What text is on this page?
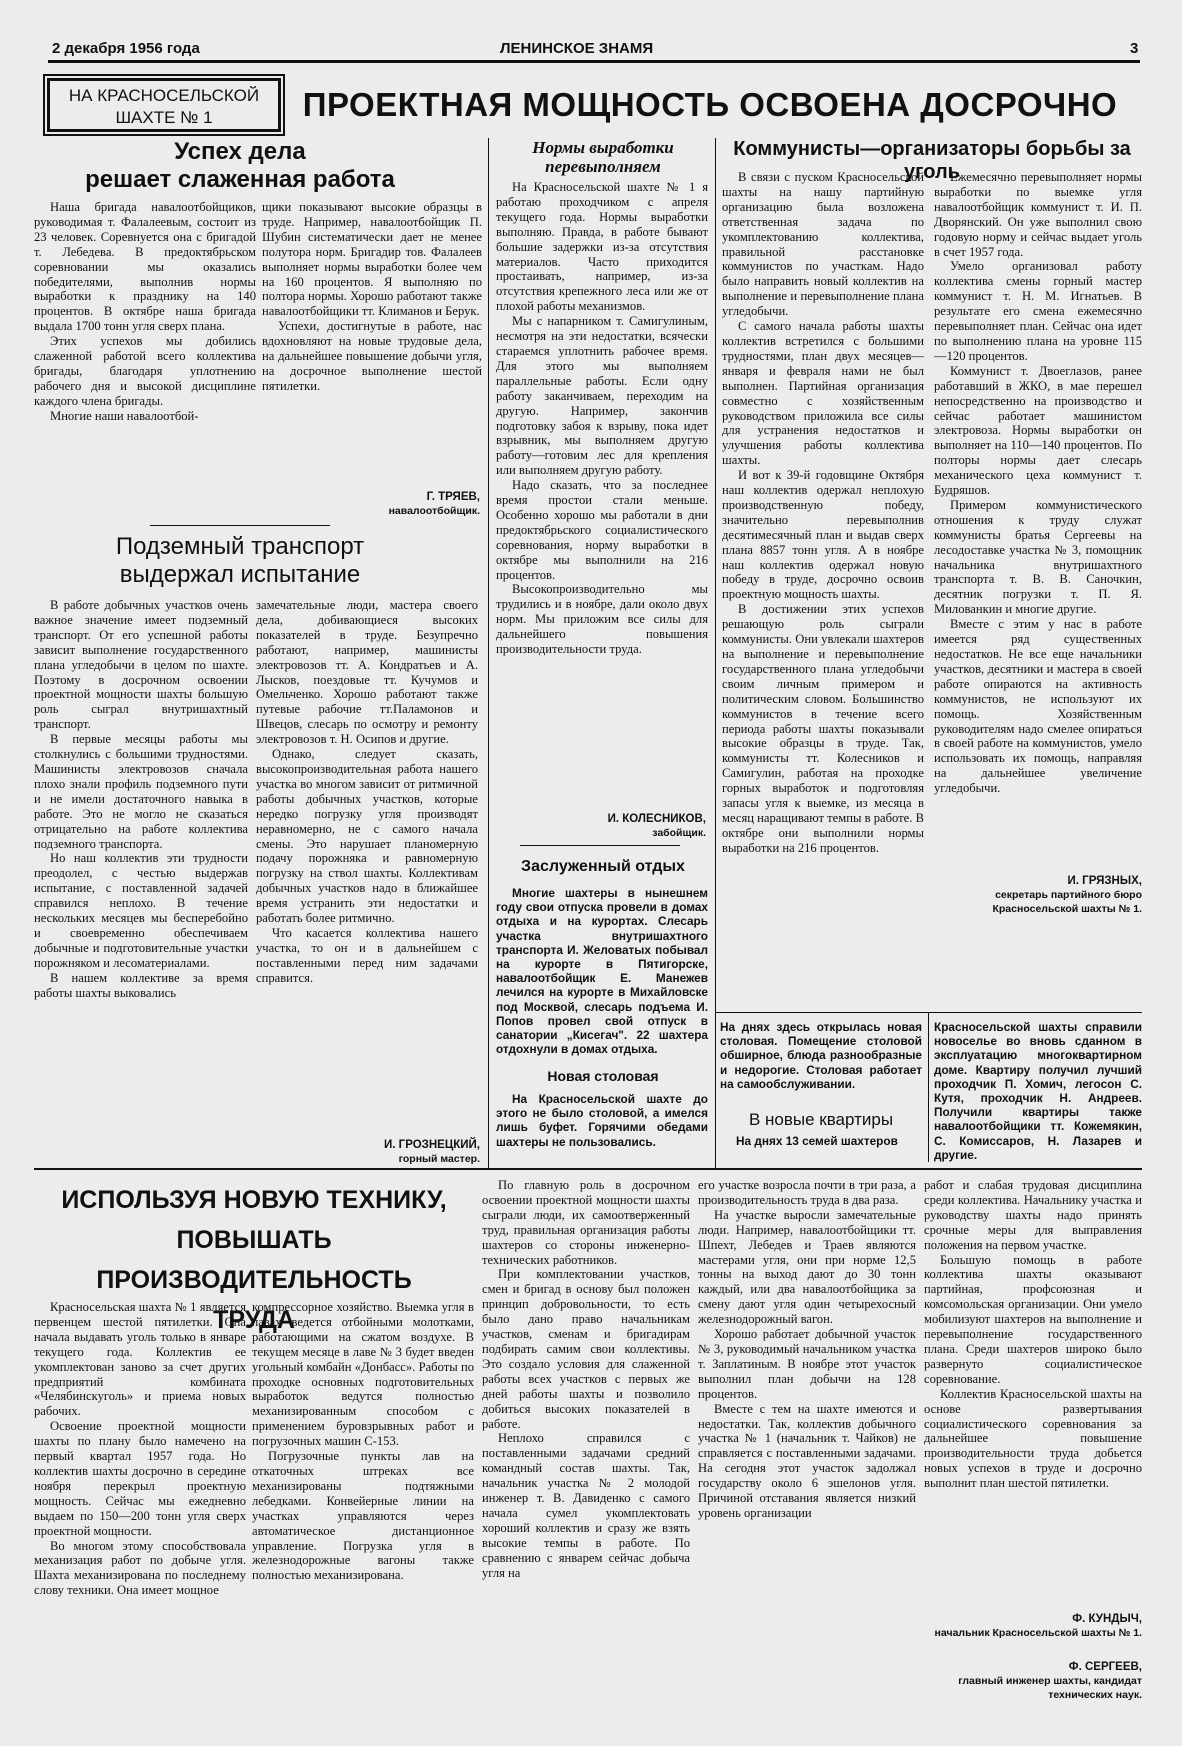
2 декабря 1956 года	ЛЕНИНСКОЕ ЗНАМЯ	3
НА КРАСНОСЕЛЬСКОЙ
ШАХТЕ № 1	ПРОЕКТНАЯ МОЩНОСТЬ ОСВОЕНА ДОСРОЧНО
Успех дела
решает слаженная работа

Наша бригада навалоотбойщиков, руководимая т. Фалалеевым, состоит из 23 человек. Соревнуется она с бригадой т. Лебедева. В предоктябрьском соревновании мы оказались победителями, выполнив нормы выработки к празднику на 140 процентов. В октябре наша бригада выдала 1700 тонн угля сверх плана.

Этих успехов мы добились слаженной работой всего коллектива бригады, благодаря уплотнению рабочего дня и высокой дисциплине каждого члена бригады.

Многие наши навалоотбой-

щики показывают высокие образцы в труде. Например, навалоотбойщик П. Шубин систематически дает не менее полутора норм. Бригадир тов. Фалалеев выполняет нормы выработки более чем на 160 процентов. Я выполняю по полтора нормы. Хорошо работают также навалоотбойщики тт. Климанов и Берук.

Успехи, достигнутые в работе, нас вдохновляют на новые трудовые дела, на дальнейшее повышение добычи угля, на досрочное выполнение шестой пятилетки.

Г. ТРЯЕВ,
навалоотбойщик.
Подземный транспорт
выдержал испытание

В работе добычных участков очень важное значение имеет подземный транспорт. От его успешной работы зависит выполнение государственного плана угледобычи в целом по шахте. Поэтому в досрочном освоении проектной мощности шахты большую роль сыграл внутришахтный транспорт.

В первые месяцы работы мы столкнулись с большими трудностями. Машинисты электровозов сначала плохо знали профиль подземного пути и не имели достаточного навыка в работе. Это не могло не сказаться отрицательно на работе коллектива подземного транспорта.

Но наш коллектив эти трудности преодолел, с честью выдержав испытание, с поставленной задачей справился неплохо. В течение нескольких месяцев мы бесперебойно и своевременно обеспечиваем добычные и подготовительные участки порожняком и лесоматериалами.

В нашем коллективе за время работы шахты выковались

замечательные люди, мастера своего дела, добивающиеся высоких показателей в труде. Безупречно работают, например, машинисты электровозов тт. А. Кондратьев и А. Лысков, поездовые тт. Кучумов и Омельченко. Хорошо работают также путевые рабочие тт.Паламонов и Швецов, слесарь по осмотру и ремонту электровозов т. Н. Осипов и другие.

Однако, следует сказать, высокопроизводительная работа нашего участка во многом зависит от ритмичной работы добычных участков, которые нередко погрузку угля производят неравномерно, не с самого начала смены. Это нарушает планомерную подачу порожняка и равномерную погрузку на ствол шахты. Коллективам добычных участков надо в ближайшее время устранить эти недостатки и работать более ритмично.

Что касается коллектива нашего участка, то он и в дальнейшем с поставленными перед ним задачами справится.

И. ГРОЗНЕЦКИЙ,
горный мастер.
Нормы выработки
перевыполняем

На Красносельской шахте № 1 я работаю проходчиком с апреля текущего года. Нормы выработки выполняю. Правда, в работе бывают большие задержки из-за отсутствия материалов. Часто приходится простаивать, например, из-за отсутствия крепежного леса или же от плохой работы механизмов.

Мы с напарником т. Самигулиным, несмотря на эти недостатки, всячески стараемся уплотнить рабочее время. Для этого мы выполняем параллельные работы. Если одну работу заканчиваем, переходим на другую. Например, закончив подготовку забоя к взрыву, пока идет взрывник, мы выполняем другую работу—готовим лес для крепления или выполняем другую работу.

Надо сказать, что за последнее время простои стали меньше. Особенно хорошо мы работали в дни предоктябрьского социалистического соревнования, норму выработки в октябре мы выполнили на 216 процентов.

Высокопроизводительно мы трудились и в ноябре, дали около двух норм. Мы приложим все силы для дальнейшего повышения производительности труда.

И. КОЛЕСНИКОВ,
забойщик.
Заслуженный отдых

Многие шахтеры в нынешнем году свои отпуска провели в домах отдыха и на курортах. Слесарь участка внутришахтного транспорта И. Желоватых побывал на курорте в Пятигорске, навалоотбойщик Е. Манежев лечился на курорте в Михайловске под Москвой, слесарь подъема И. Попов провел свой отпуск в санатории „Кисегач". 22 шахтера отдохнули в домах отдыха.

Новая столовая

На Красносельской шахте до этого не было столовой, а имелся лишь буфет. Горячими обедами шахтеры не пользовались.

Коммунисты—организаторы борьбы за уголь

В связи с пуском Красносельской шахты на нашу партийную организацию была возложена ответственная задача по укомплектованию коллектива, правильной расстановке коммунистов по участкам. Надо было направить новый коллектив на выполнение и перевыполнение плана угледобычи.

С самого начала работы шахты коллектив встретился с большими трудностями, план двух месяцев—января и февраля нами не был выполнен. Партийная организация совместно с хозяйственным руководством приложила все силы для устранения недостатков и улучшения работы коллектива шахты.

И вот к 39-й годовщине Октября наш коллектив одержал неплохую производственную победу, значительно перевыполнив десятимесячный план и выдав сверх плана 8857 тонн угля. А в ноябре наш коллектив одержал новую победу в труде, досрочно освоив проектную мощность шахты.

В достижении этих успехов решающую роль сыграли коммунисты. Они увлекали шахтеров на выполнение и перевыполнение государственного плана угледобычи своим личным примером и политическим словом. Большинство коммунистов в течение всего периода работы шахты показывали высокие образцы в труде. Так, коммунисты тт. Колесников и Самигулин, работая на проходке горных выработок и подготовляя запасы угля к выемке, из месяца в месяц наращивают темпы в работе. В октябре они выполнили нормы выработки на 216 процентов.

Ежемесячно перевыполняет нормы выработки по выемке угля навалоотбойщик коммунист т. И. П. Дворянский. Он уже выполнил свою годовую норму и сейчас выдает уголь в счет 1957 года.

Умело организовал работу коллектива смены горный мастер коммунист т. Н. М. Игнатьев. В результате его смена ежемесячно перевыполняет план. Сейчас она идет по выполнению плана на уровне 115—120 процентов.

Коммунист т. Двоеглазов, ранее работавший в ЖКО, в мае перешел непосредственно на производство и сейчас работает машинистом электровоза. Нормы выработки он выполняет на 110—140 процентов. По полторы нормы дает слесарь механического цеха коммунист т. Будряшов.

Примером коммунистического отношения к труду служат коммунисты братья Сергеевы на лесодоставке участка № 3, помощник начальника внутришахтного транспорта т. В. В. Саночкин, десятник погрузки т. П. Я. Милованкин и многие другие.

Вместе с этим у нас в работе имеется ряд существенных недостатков. Не все еще начальники участков, десятники и мастера в своей работе опираются на активность коммунистов, не используют их помощь. Хозяйственным руководителям надо смелее опираться в своей работе на коммунистов, умело использовать их помощь, направляя на дальнейшее увеличение угледобычи.

И. ГРЯЗНЫХ,
секретарь партийного бюро Красносельской шахты № 1.

На днях здесь открылась новая столовая. Помещение столовой обширное, блюда разнообразные и недорогие. Столовая работает на самообслуживании.

В новые квартиры

На днях 13 семей шахтеров

Красносельской шахты справили новоселье во вновь сданном в эксплуатацию многоквартирном доме. Квартиру получил лучший проходчик П. Хомич, легосон С. Кутя, проходчик Н. Андреев. Получили квартиры также навалоотбойщики тт. Кожемякин, С. Комиссаров, Н. Лазарев и другие.

ИСПОЛЬЗУЯ НОВУЮ ТЕХНИКУ,
ПОВЫШАТЬ ПРОИЗВОДИТЕЛЬНОСТЬ
ТРУДА

Красносельская шахта № 1 является первенцем шестой пятилетки. Она начала выдавать уголь только в январе текущего года. Коллектив ее укомплектован заново за счет других предприятий комбината «Челябинскуголь» и приема новых рабочих.

Освоение проектной мощности шахты по плану было намечено на первый квартал 1957 года. Но коллектив шахты досрочно в середине ноября перекрыл проектную мощность. Сейчас мы ежедневно выдаем по 150—200 тонн угля сверх проектной мощности.

Во многом этому способствовала механизация работ по добыче угля. Шахта механизирована по последнему слову техники. Она имеет мощное

компрессорное хозяйство. Выемка угля в лавах ведется отбойными молотками, работающими на сжатом воздухе. В текущем месяце в лаве № 3 будет введен угольный комбайн «Донбасс». Работы по проходке основных подготовительных выработок ведутся полностью механизированным способом с применением буровзрывных работ и погрузочных машин С-153.

Погрузочные пункты лав на откаточных штреках все механизированы подтяжными лебедками. Конвейерные линии на участках управляются через автоматическое дистанционное управление. Погрузка угля в железнодорожные вагоны также полностью механизирована.

По главную роль в досрочном освоении проектной мощности шахты сыграли люди, их самоотверженный труд, правильная организация работы шахтеров со стороны инженерно-технических работников.

При комплектовании участков, смен и бригад в основу был положен принцип добровольности, то есть было дано право начальникам участков, сменам и бригадирам подбирать самим свои коллективы. Это создало условия для слаженной работы всех участков с первых же дней работы шахты и позволило добиться высоких показателей в работе.

Неплохо справился с поставленными задачами средний командный состав шахты. Так, начальник участка № 2 молодой инженер т. В. Давиденко с самого начала сумел укомплектовать хороший коллектив и сразу же взять высокие темпы в работе. По сравнению с январем сейчас добыча угля на

его участке возросла почти в три раза, а производительность труда в два раза.

На участке выросли замечательные люди. Например, навалоотбойщики тт. Шпехт, Лебедев и Траев являются мастерами угля, они при норме 12,5 тонны на выход дают до 30 тонн каждый, или два навалоотбойщика за смену дают угля один четырехосный железнодорожный вагон.

Хорошо работает добычной участок № 3, руководимый начальником участка т. Заплатиным. В ноябре этот участок выполнил план добычи на 128 процентов.

Вместе с тем на шахте имеются и недостатки. Так, коллектив добычного участка № 1 (начальник т. Чайков) не справляется с поставленными задачами. На сегодня этот участок задолжал государству около 6 эшелонов угля. Причиной отставания является низкий уровень организации

работ и слабая трудовая дисциплина среди коллектива. Начальнику участка и руководству шахты надо принять срочные меры для выправления положения на первом участке.

Большую помощь в работе коллектива шахты оказывают партийная, профсоюзная и комсомольская организации. Они умело мобилизуют шахтеров на выполнение и перевыполнение государственного плана. Среди шахтеров широко было развернуто социалистическое соревнование.

Коллектив Красносельской шахты на основе развертывания социалистического соревнования за дальнейшее повышение производительности труда добьется новых успехов в труде и досрочно выполнит план шестой пятилетки.

Ф. КУНДЫЧ,
начальник Красносельской шахты № 1.
Ф. СЕРГЕЕВ,
главный инженер шахты, кандидат технических наук.
